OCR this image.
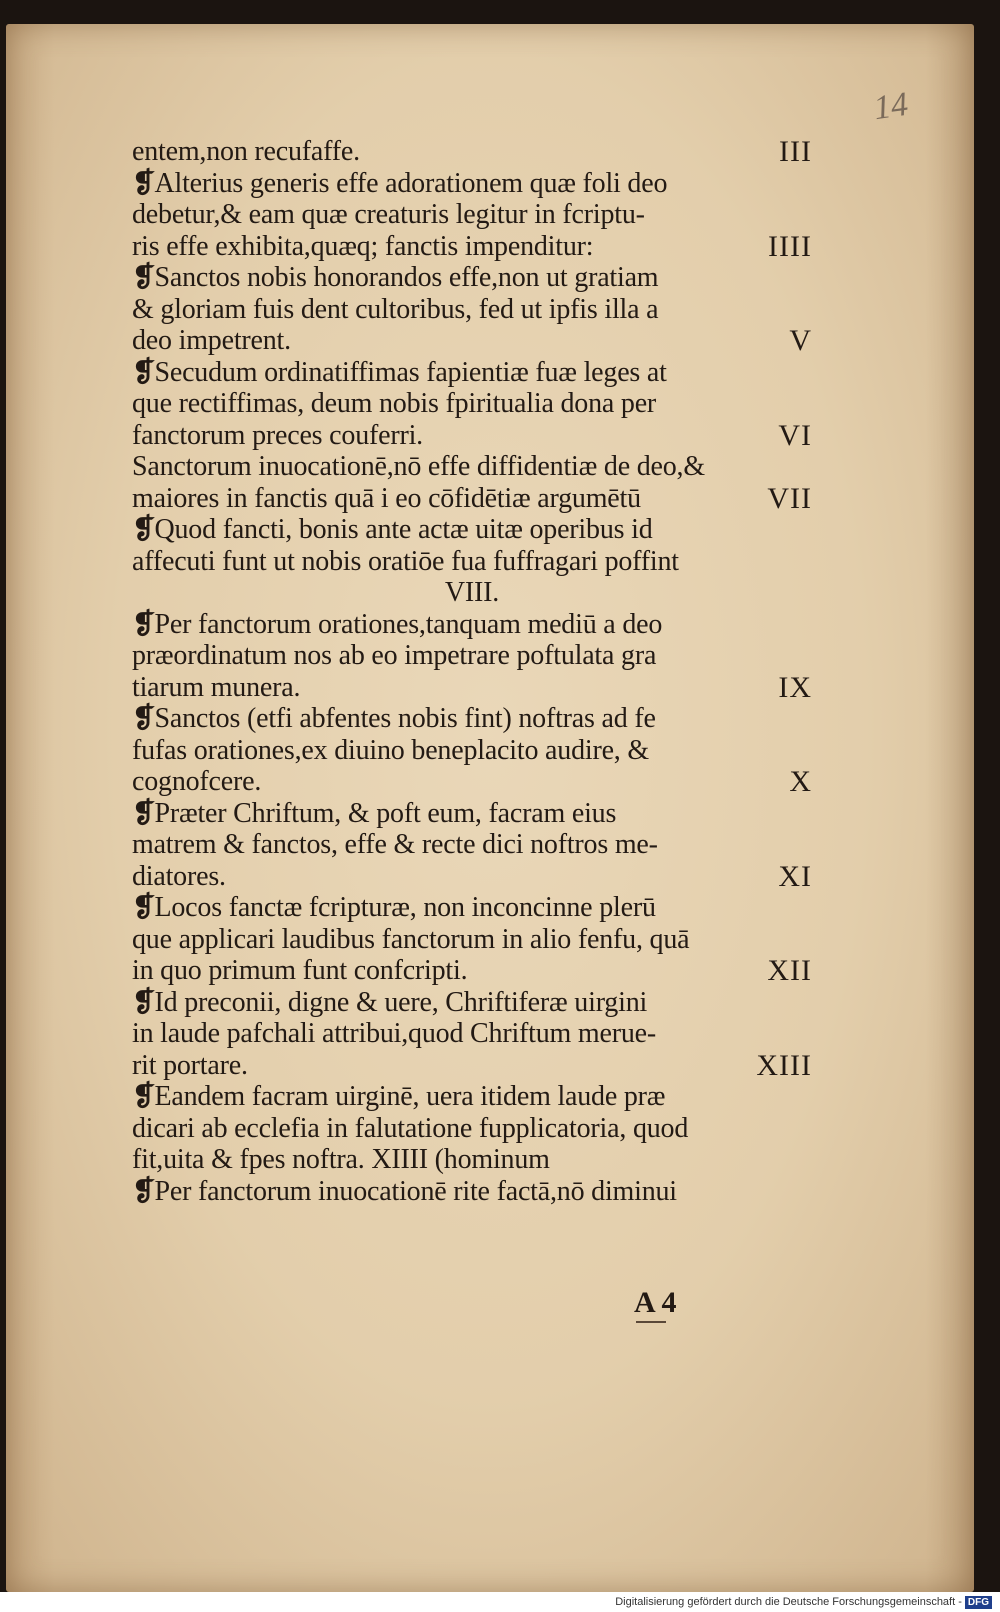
14
entem,non recufaffe.	III
❡Alterius generis effe adorationem quæ foli deo
debetur,& eam quæ creaturis legitur in fcriptu-
ris effe exhibita,quæq; fanctis impenditur:	IIII
❡Sanctos nobis honorandos effe,non ut gratiam
& gloriam fuis dent cultoribus, fed ut ipfis illa a
deo impetrent.	V
❡Secudum ordinatiffimas fapientiæ fuæ leges at
que rectiffimas, deum nobis fpiritualia dona per
fanctorum preces couferri.	VI
Sanctorum inuocationē,nō effe diffidentiæ de deo,&
maiores in fanctis quā i eo cōfidētiæ argumētū	VII
❡Quod fancti, bonis ante actæ uitæ operibus id
affecuti funt ut nobis oratiōe fua fuffragari poffint
VIII.
❡Per fanctorum orationes,tanquam mediū a deo
præordinatum nos ab eo impetrare poftulata gra
tiarum munera.	IX
❡Sanctos (etfi abfentes nobis fint) noftras ad fe
fufas orationes,ex diuino beneplacito audire, &
cognofcere.	X
❡Præter Chriftum, & poft eum, facram eius
matrem & fanctos, effe & recte dici noftros me-
diatores.	XI
❡Locos fanctæ fcripturæ, non inconcinne plerū
que applicari laudibus fanctorum in alio fenfu, quā
in quo primum funt confcripti.	XII
❡Id preconii, digne & uere, Chriftiferæ uirgini
in laude pafchali attribui,quod Chriftum merue-
rit portare.	XIII
❡Eandem facram uirginē, uera itidem laude præ
dicari ab ecclefia in falutatione fupplicatoria, quod
fit,uita & fpes noftra. XIIII (hominum
❡Per fanctorum inuocationē rite factā,nō diminui
A 4
Digitalisierung gefördert durch die Deutsche Forschungsgemeinschaft - DFG
